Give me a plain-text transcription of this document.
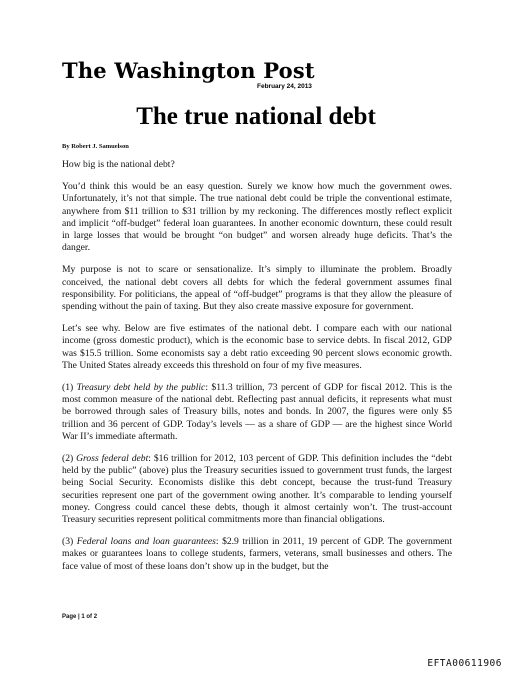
The Washington Post
February 24, 2013
The true national debt
By Robert J. Samuelson

How big is the national debt?

You’d think this would be an easy question. Surely we know how much the government owes. Unfortunately, it’s not that simple. The true national debt could be triple the conventional estimate, anywhere from $11 trillion to $31 trillion by my reckoning. The differences mostly reflect explicit and implicit “off-budget” federal loan guarantees. In another economic downturn, these could result in large losses that would be brought “on budget” and worsen already huge deficits. That’s the danger.

My purpose is not to scare or sensationalize. It’s simply to illuminate the problem. Broadly conceived, the national debt covers all debts for which the federal government assumes final responsibility. For politicians, the appeal of “off-budget” programs is that they allow the pleasure of spending without the pain of taxing. But they also create massive exposure for government.

Let’s see why. Below are five estimates of the national debt. I compare each with our national income (gross domestic product), which is the economic base to service debts. In fiscal 2012, GDP was $15.5 trillion. Some economists say a debt ratio exceeding 90 percent slows economic growth. The United States already exceeds this threshold on four of my five measures.

(1) Treasury debt held by the public: $11.3 trillion, 73 percent of GDP for fiscal 2012. This is the most common measure of the national debt. Reflecting past annual deficits, it represents what must be borrowed through sales of Treasury bills, notes and bonds. In 2007, the figures were only $5 trillion and 36 percent of GDP. Today’s levels — as a share of GDP — are the highest since World War II’s immediate aftermath.

(2) Gross federal debt: $16 trillion for 2012, 103 percent of GDP. This definition includes the “debt held by the public” (above) plus the Treasury securities issued to government trust funds, the largest being Social Security. Economists dislike this debt concept, because the trust-fund Treasury securities represent one part of the government owing another. It’s comparable to lending yourself money. Congress could cancel these debts, though it almost certainly won’t. The trust-account Treasury securities represent political commitments more than financial obligations.

(3) Federal loans and loan guarantees: $2.9 trillion in 2011, 19 percent of GDP. The government makes or guarantees loans to college students, farmers, veterans, small businesses and others. The face value of most of these loans don’t show up in the budget, but the

Page | 1 of 2
EFTA00611906
